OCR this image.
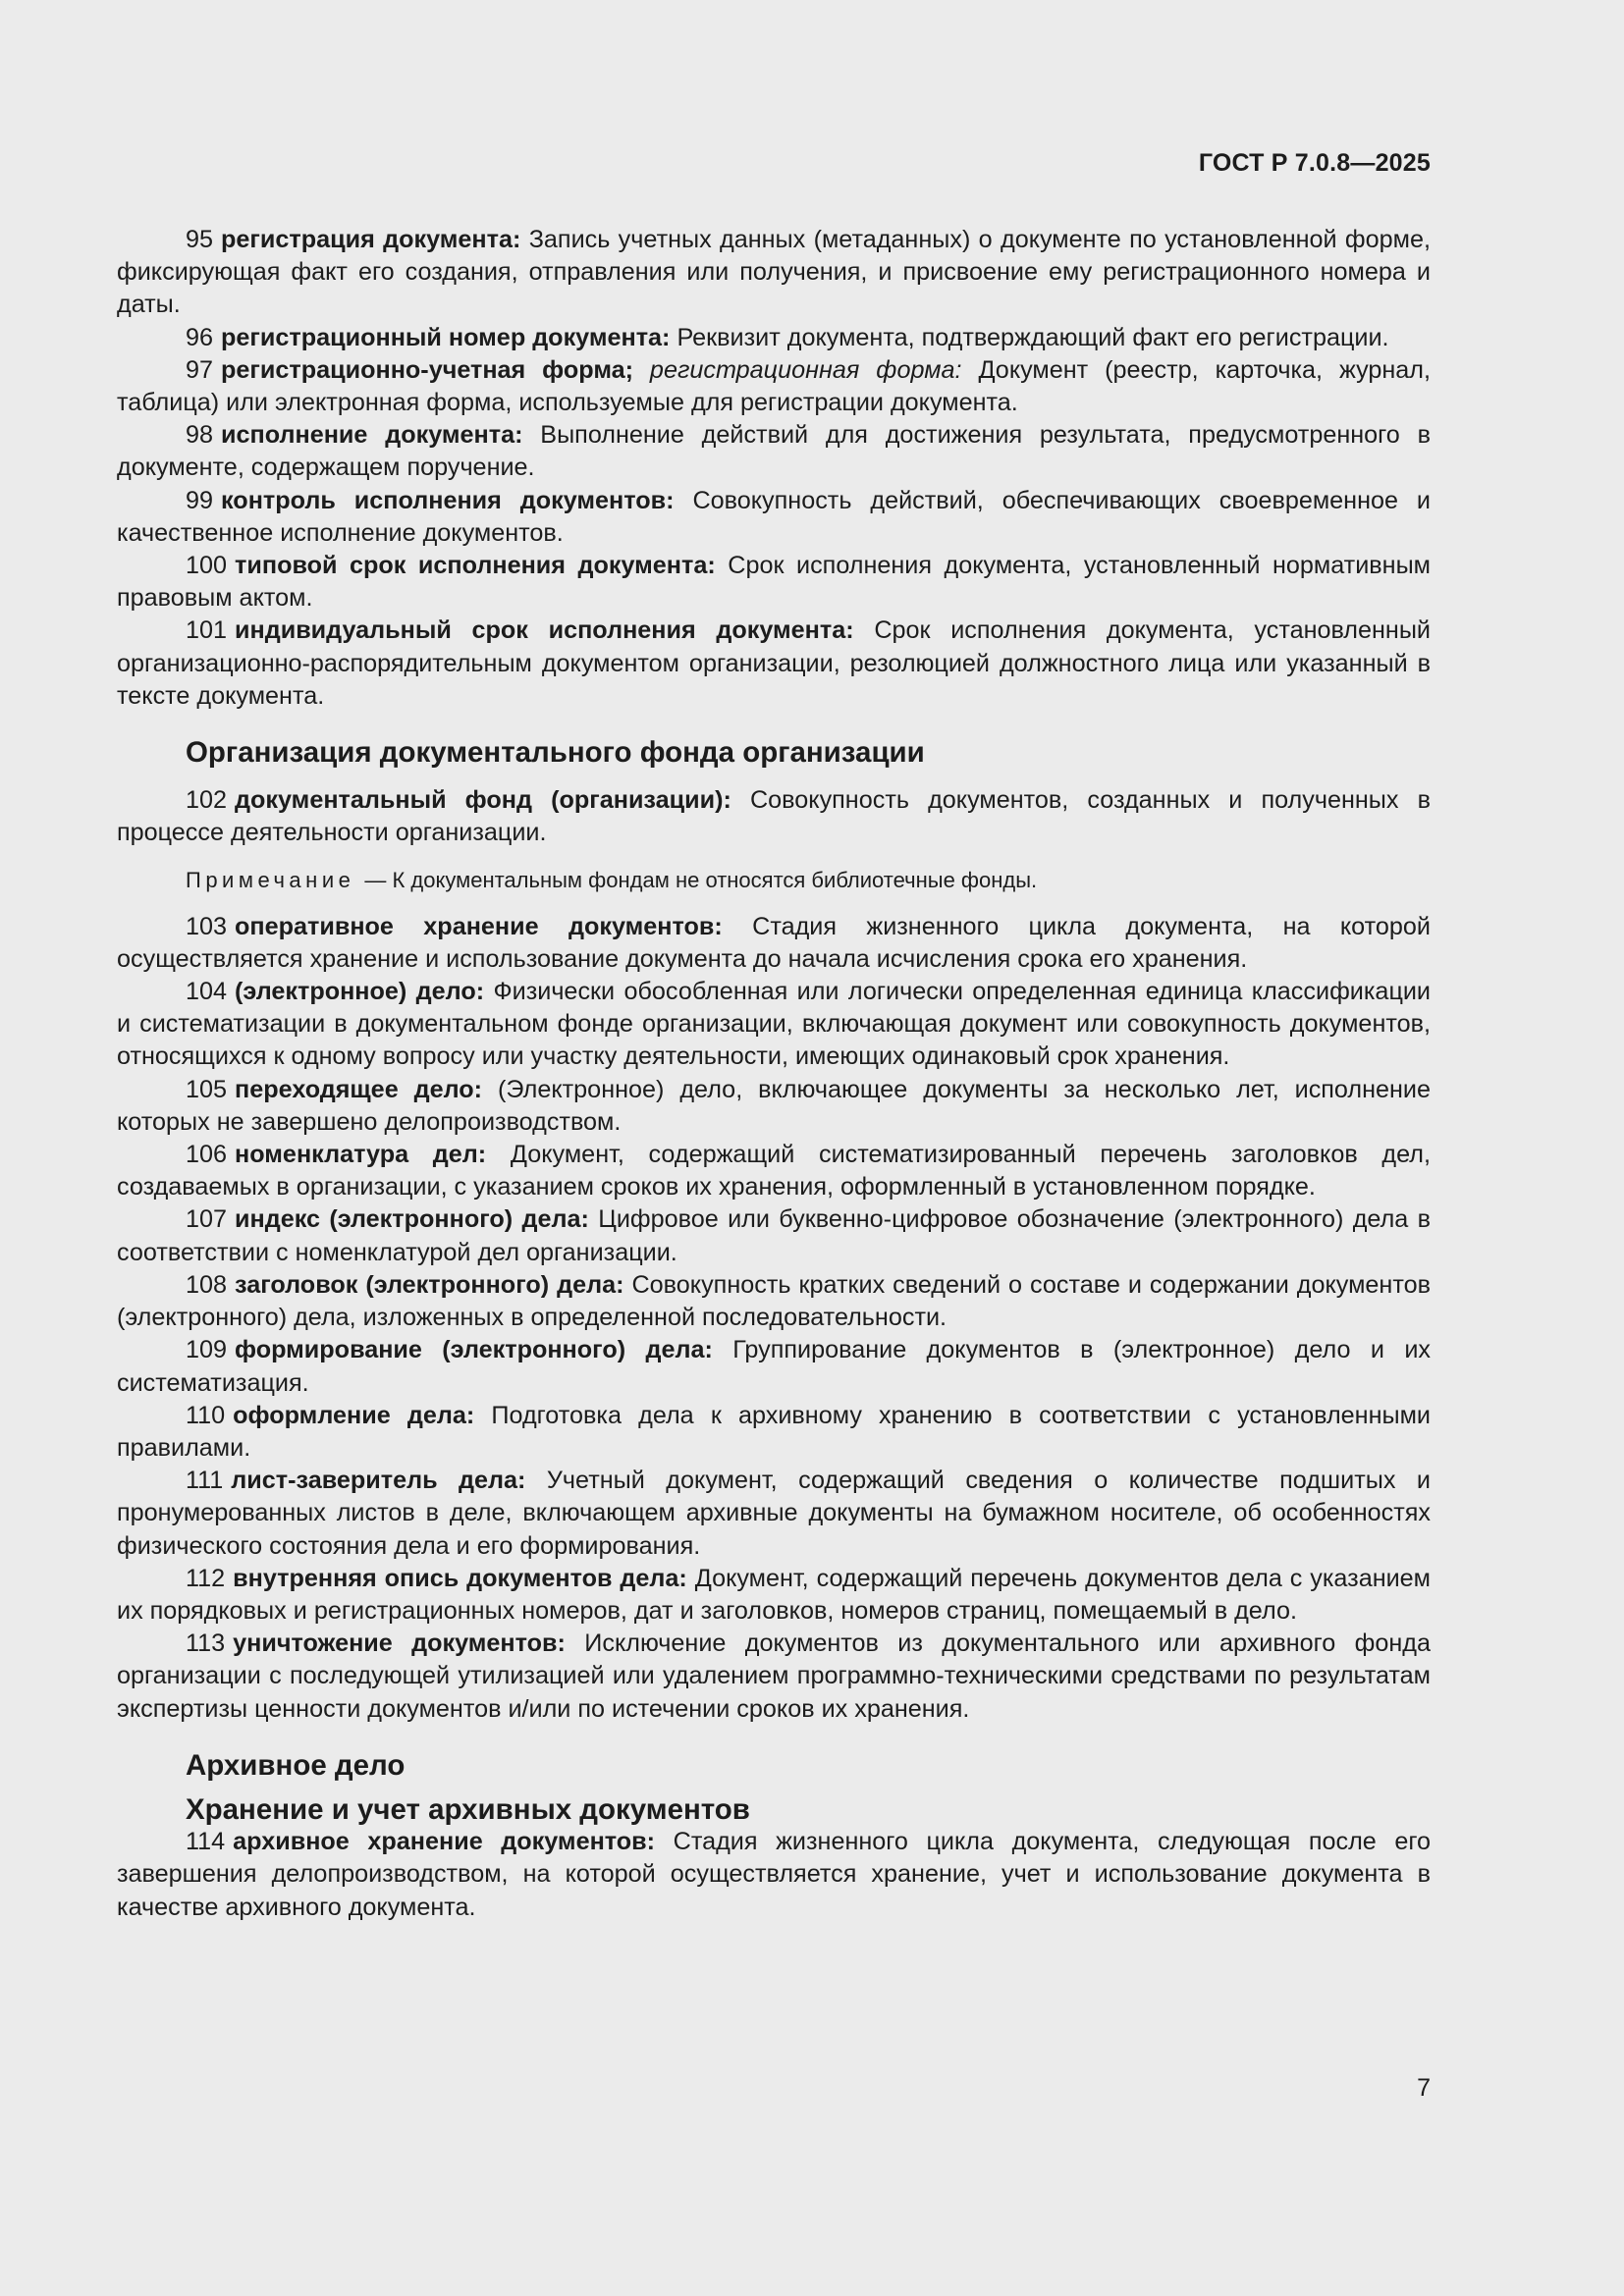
ГОСТ Р 7.0.8—2025

95 регистрация документа: Запись учетных данных (метаданных) о документе по установленной форме, фиксирующая факт его создания, отправления или получения, и присвоение ему регистрационного номера и даты.

96 регистрационный номер документа: Реквизит документа, подтверждающий факт его регистрации.

97 регистрационно-учетная форма; регистрационная форма: Документ (реестр, карточка, журнал, таблица) или электронная форма, используемые для регистрации документа.

98 исполнение документа: Выполнение действий для достижения результата, предусмотренного в документе, содержащем поручение.

99 контроль исполнения документов: Совокупность действий, обеспечивающих своевременное и качественное исполнение документов.

100 типовой срок исполнения документа: Срок исполнения документа, установленный нормативным правовым актом.

101 индивидуальный срок исполнения документа: Срок исполнения документа, установленный организационно-распорядительным документом организации, резолюцией должностного лица или указанный в тексте документа.

Организация документального фонда организации

102 документальный фонд (организации): Совокупность документов, созданных и полученных в процессе деятельности организации.

Примечание — К документальным фондам не относятся библиотечные фонды.

103 оперативное хранение документов: Стадия жизненного цикла документа, на которой осуществляется хранение и использование документа до начала исчисления срока его хранения.

104 (электронное) дело: Физически обособленная или логически определенная единица классификации и систематизации в документальном фонде организации, включающая документ или совокупность документов, относящихся к одному вопросу или участку деятельности, имеющих одинаковый срок хранения.

105 переходящее дело: (Электронное) дело, включающее документы за несколько лет, исполнение которых не завершено делопроизводством.

106 номенклатура дел: Документ, содержащий систематизированный перечень заголовков дел, создаваемых в организации, с указанием сроков их хранения, оформленный в установленном порядке.

107 индекс (электронного) дела: Цифровое или буквенно-цифровое обозначение (электронного) дела в соответствии с номенклатурой дел организации.

108 заголовок (электронного) дела: Совокупность кратких сведений о составе и содержании документов (электронного) дела, изложенных в определенной последовательности.

109 формирование (электронного) дела: Группирование документов в (электронное) дело и их систематизация.

110 оформление дела: Подготовка дела к архивному хранению в соответствии с установленными правилами.

111 лист-заверитель дела: Учетный документ, содержащий сведения о количестве подшитых и пронумерованных листов в деле, включающем архивные документы на бумажном носителе, об особенностях физического состояния дела и его формирования.

112 внутренняя опись документов дела: Документ, содержащий перечень документов дела с указанием их порядковых и регистрационных номеров, дат и заголовков, номеров страниц, помещаемый в дело.

113 уничтожение документов: Исключение документов из документального или архивного фонда организации с последующей утилизацией или удалением программно-техническими средствами по результатам экспертизы ценности документов и/или по истечении сроков их хранения.

Архивное дело
Хранение и учет архивных документов

114 архивное хранение документов: Стадия жизненного цикла документа, следующая после его завершения делопроизводством, на которой осуществляется хранение, учет и использование документа в качестве архивного документа.

7
